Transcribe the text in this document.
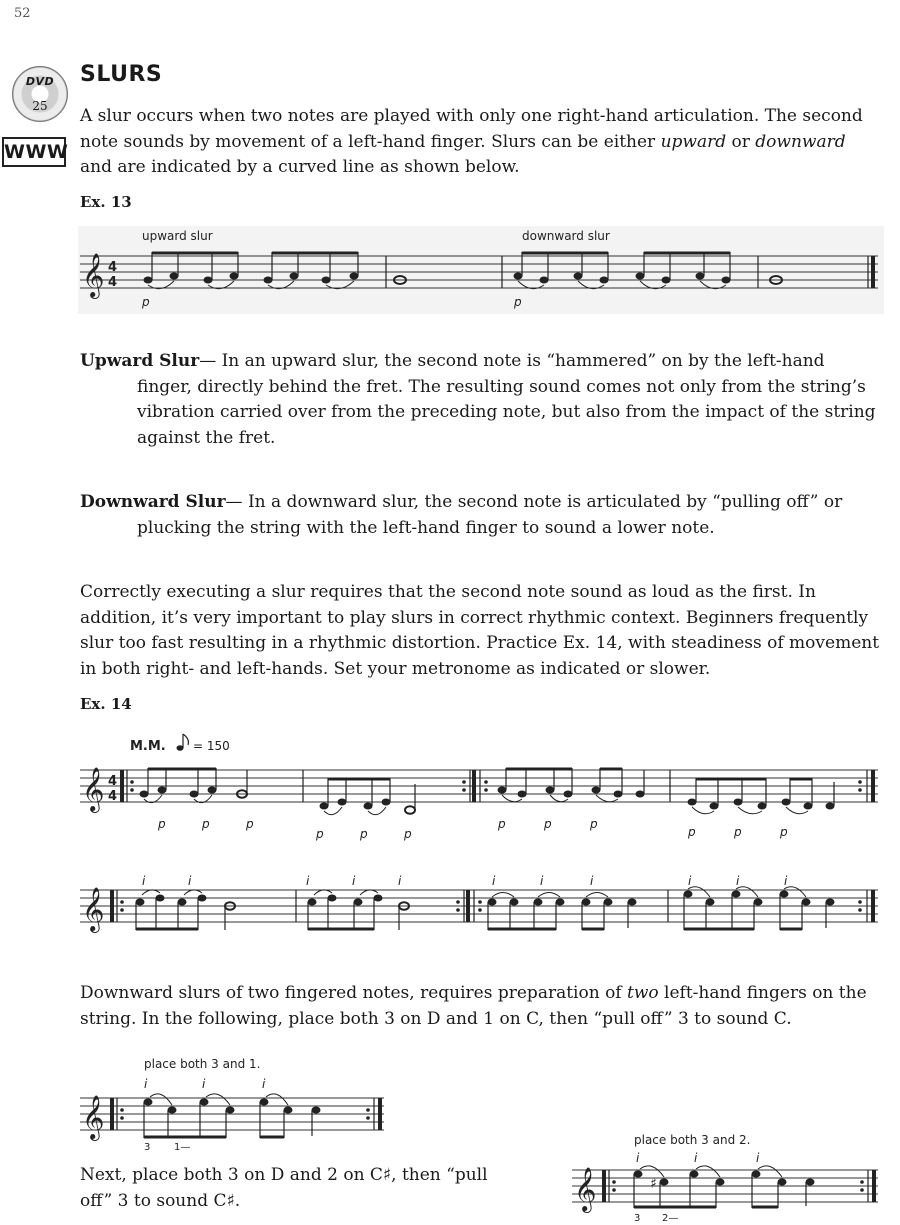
52
DVD
25
WWW
SLURS

A slur occurs when two notes are played with only one right-hand articulation. The second note sounds by movement of a left-hand finger. Slurs can be either upward or downward and are indicated by a curved line as shown below.

Ex. 13
𝄞 4
4
upward slur	downward slur
p	p

Upward Slur— In an upward slur, the second note is “hammered” on by the left-hand finger, directly behind the fret. The resulting sound comes not only from the string’s vibration carried over from the preceding note, but also from the impact of the string against the fret.

Downward Slur— In a downward slur, the second note is articulated by “pulling off” or plucking the string with the left-hand finger to sound a lower note.

Correctly executing a slur requires that the second note sound as loud as the first. In addition, it’s very important to play slurs in correct rhythmic context. Beginners frequently slur too fast resulting in a rhythmic distortion. Practice Ex. 14, with steadiness of movement in both right- and left-hands. Set your metronome as indicated or slower.

Ex. 14
M.M. = 150
𝄞 4
4
p	p	p
p	p	p
p	p	p
p	p	p
𝄞
i	i	i	i	i	i	i	i	i	i	i

Downward slurs of two fingered notes, requires preparation of two left-hand fingers on the string. In the following, place both 3 on D and 1 on C, then “pull off” 3 to sound C.

place both 3 and 1.
𝄞
i	i	i
3 1—

Next, place both 3 on D and 2 on C♯, then “pull off” 3 to sound C♯.

place both 3 and 2.
𝄞	♯
i	i	i
3 2—
